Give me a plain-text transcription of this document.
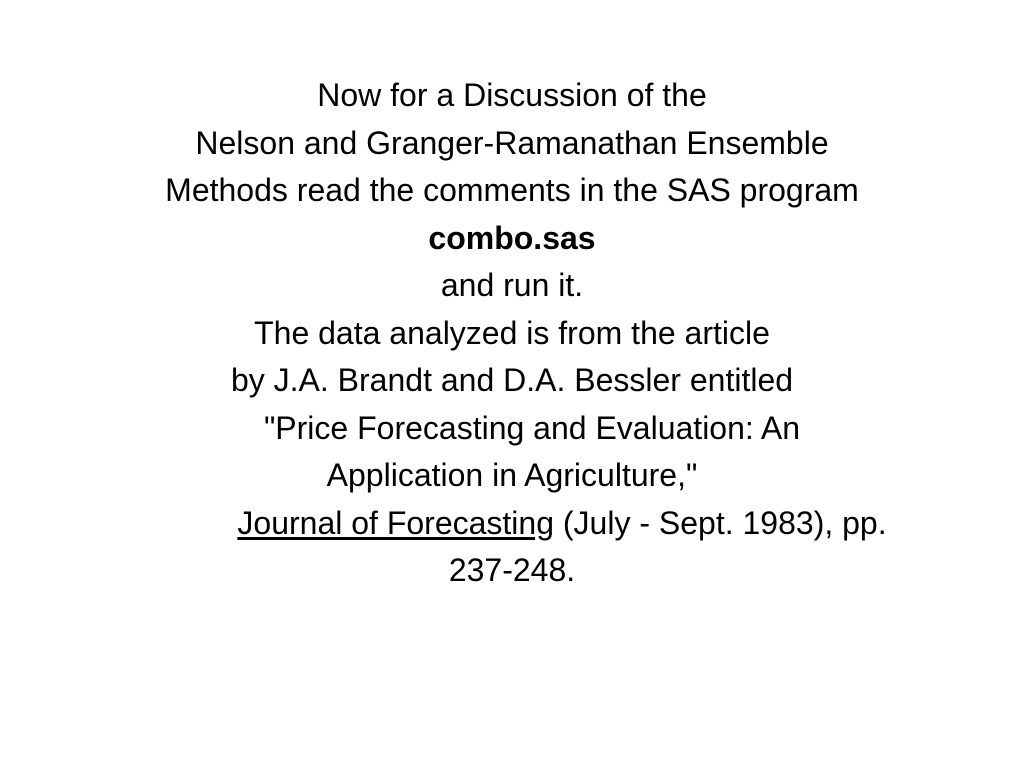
Now for a Discussion of the
Nelson and Granger-Ramanathan Ensemble
Methods read the comments in the SAS program
combo.sas
and run it.
The data analyzed is from the article
by J.A. Brandt and D.A. Bessler entitled
"Price Forecasting and Evaluation: An
Application in Agriculture,"
Journal of Forecasting (July - Sept. 1983), pp.
237-248.
